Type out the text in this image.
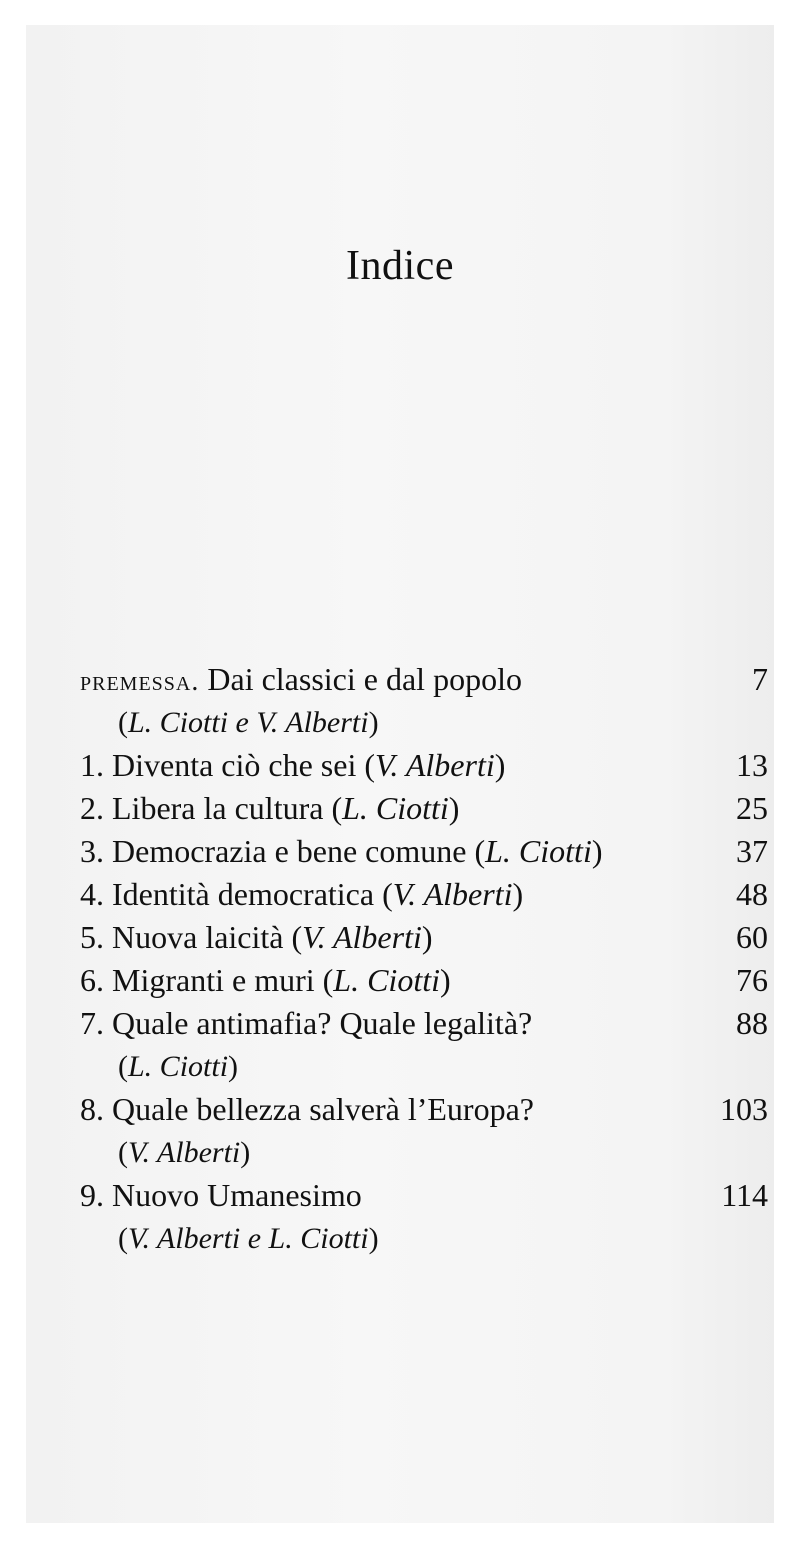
Indice
premessa. Dai classici e dal popolo	7
(L. Ciotti e V. Alberti)
1. Diventa ciò che sei (V. Alberti)	13
2. Libera la cultura (L. Ciotti)	25
3. Democrazia e bene comune (L. Ciotti)	37
4. Identità democratica (V. Alberti)	48
5. Nuova laicità (V. Alberti)	60
6. Migranti e muri (L. Ciotti)	76
7. Quale antimafia? Quale legalità?	88
(L. Ciotti)
8. Quale bellezza salverà l’Europa?	103
(V. Alberti)
9. Nuovo Umanesimo	114
(V. Alberti e L. Ciotti)
